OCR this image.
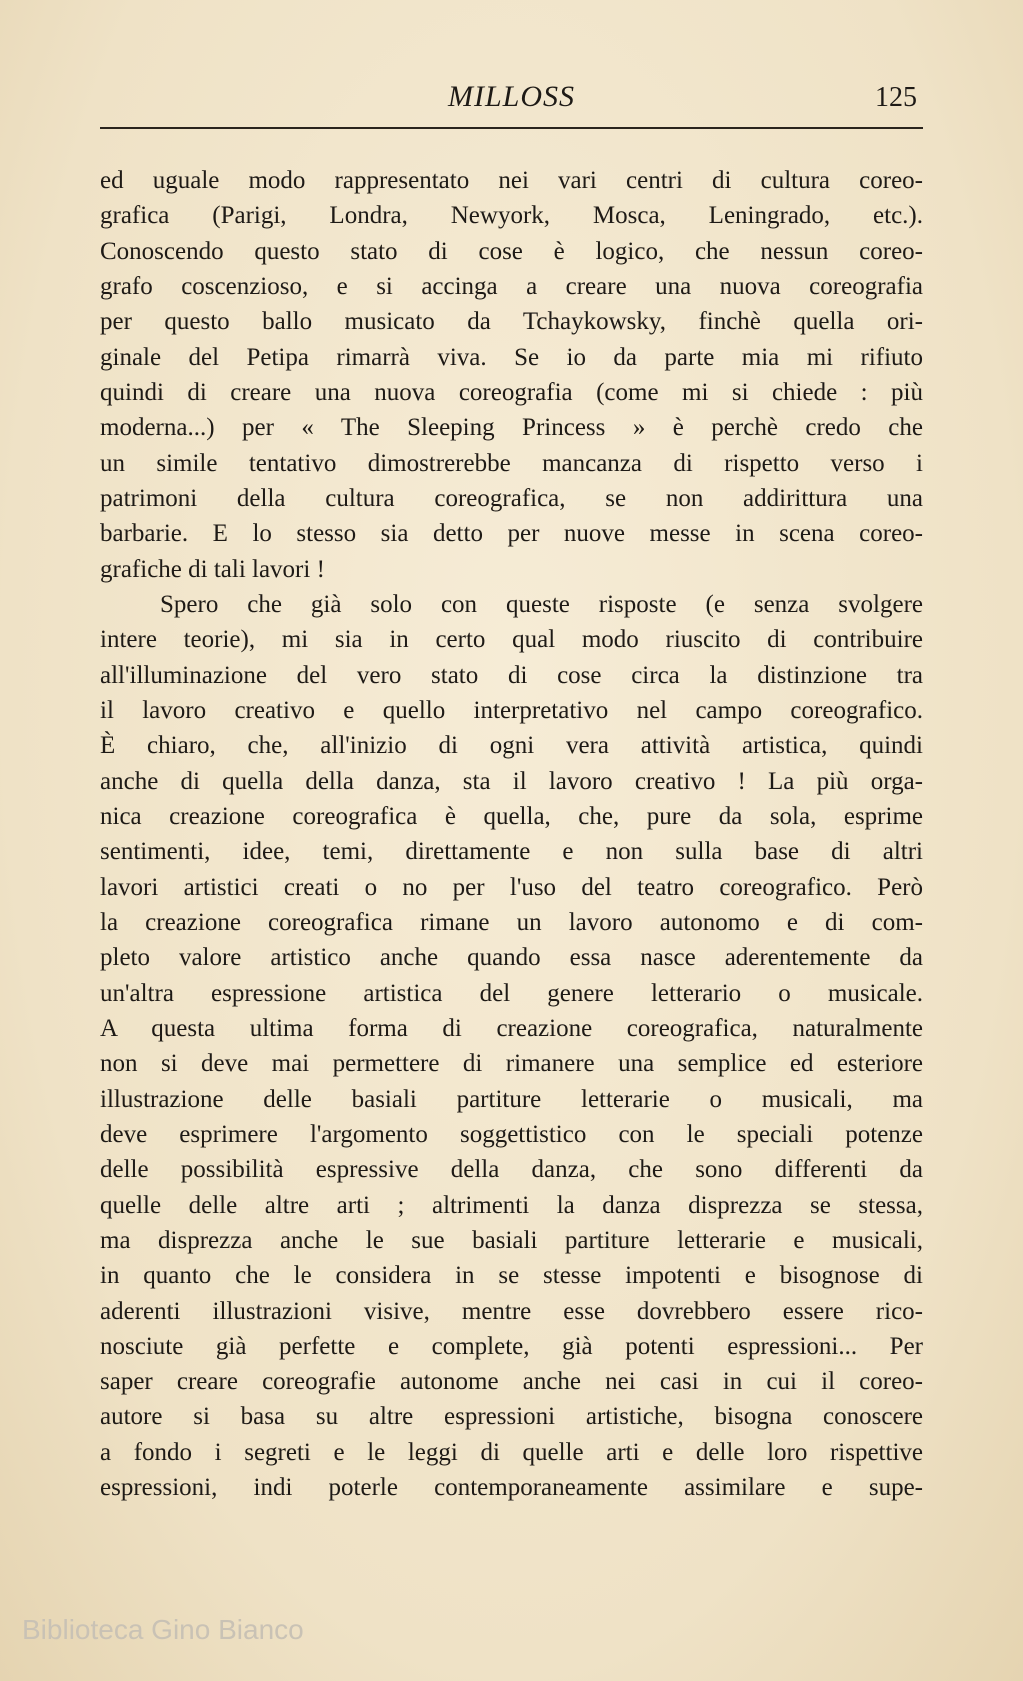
MILLOSS	125
ed uguale modo rappresentato nei vari centri di cultura coreo-
grafica (Parigi, Londra, Newyork, Mosca, Leningrado, etc.).
Conoscendo questo stato di cose è logico, che nessun coreo-
grafo coscenzioso, e si accinga a creare una nuova coreografia
per questo ballo musicato da Tchaykowsky, finchè quella ori-
ginale del Petipa rimarrà viva. Se io da parte mia mi rifiuto
quindi di creare una nuova coreografia (come mi si chiede : più
moderna...) per « The Sleeping Princess » è perchè credo che
un simile tentativo dimostrerebbe mancanza di rispetto verso i
patrimoni della cultura coreografica, se non addirittura una
barbarie. E lo stesso sia detto per nuove messe in scena coreo-
grafiche di tali lavori !
Spero che già solo con queste risposte (e senza svolgere
intere teorie), mi sia in certo qual modo riuscito di contribuire
all'illuminazione del vero stato di cose circa la distinzione tra
il lavoro creativo e quello interpretativo nel campo coreografico.
È chiaro, che, all'inizio di ogni vera attività artistica, quindi
anche di quella della danza, sta il lavoro creativo ! La più orga-
nica creazione coreografica è quella, che, pure da sola, esprime
sentimenti, idee, temi, direttamente e non sulla base di altri
lavori artistici creati o no per l'uso del teatro coreografico. Però
la creazione coreografica rimane un lavoro autonomo e di com-
pleto valore artistico anche quando essa nasce aderentemente da
un'altra espressione artistica del genere letterario o musicale.
A questa ultima forma di creazione coreografica, naturalmente
non si deve mai permettere di rimanere una semplice ed esteriore
illustrazione delle basiali partiture letterarie o musicali, ma
deve esprimere l'argomento soggettistico con le speciali potenze
delle possibilità espressive della danza, che sono differenti da
quelle delle altre arti ; altrimenti la danza disprezza se stessa,
ma disprezza anche le sue basiali partiture letterarie e musicali,
in quanto che le considera in se stesse impotenti e bisognose di
aderenti illustrazioni visive, mentre esse dovrebbero essere rico-
nosciute già perfette e complete, già potenti espressioni... Per
saper creare coreografie autonome anche nei casi in cui il coreo-
autore si basa su altre espressioni artistiche, bisogna conoscere
a fondo i segreti e le leggi di quelle arti e delle loro rispettive
espressioni, indi poterle contemporaneamente assimilare e supe-
Biblioteca Gino Bianco
